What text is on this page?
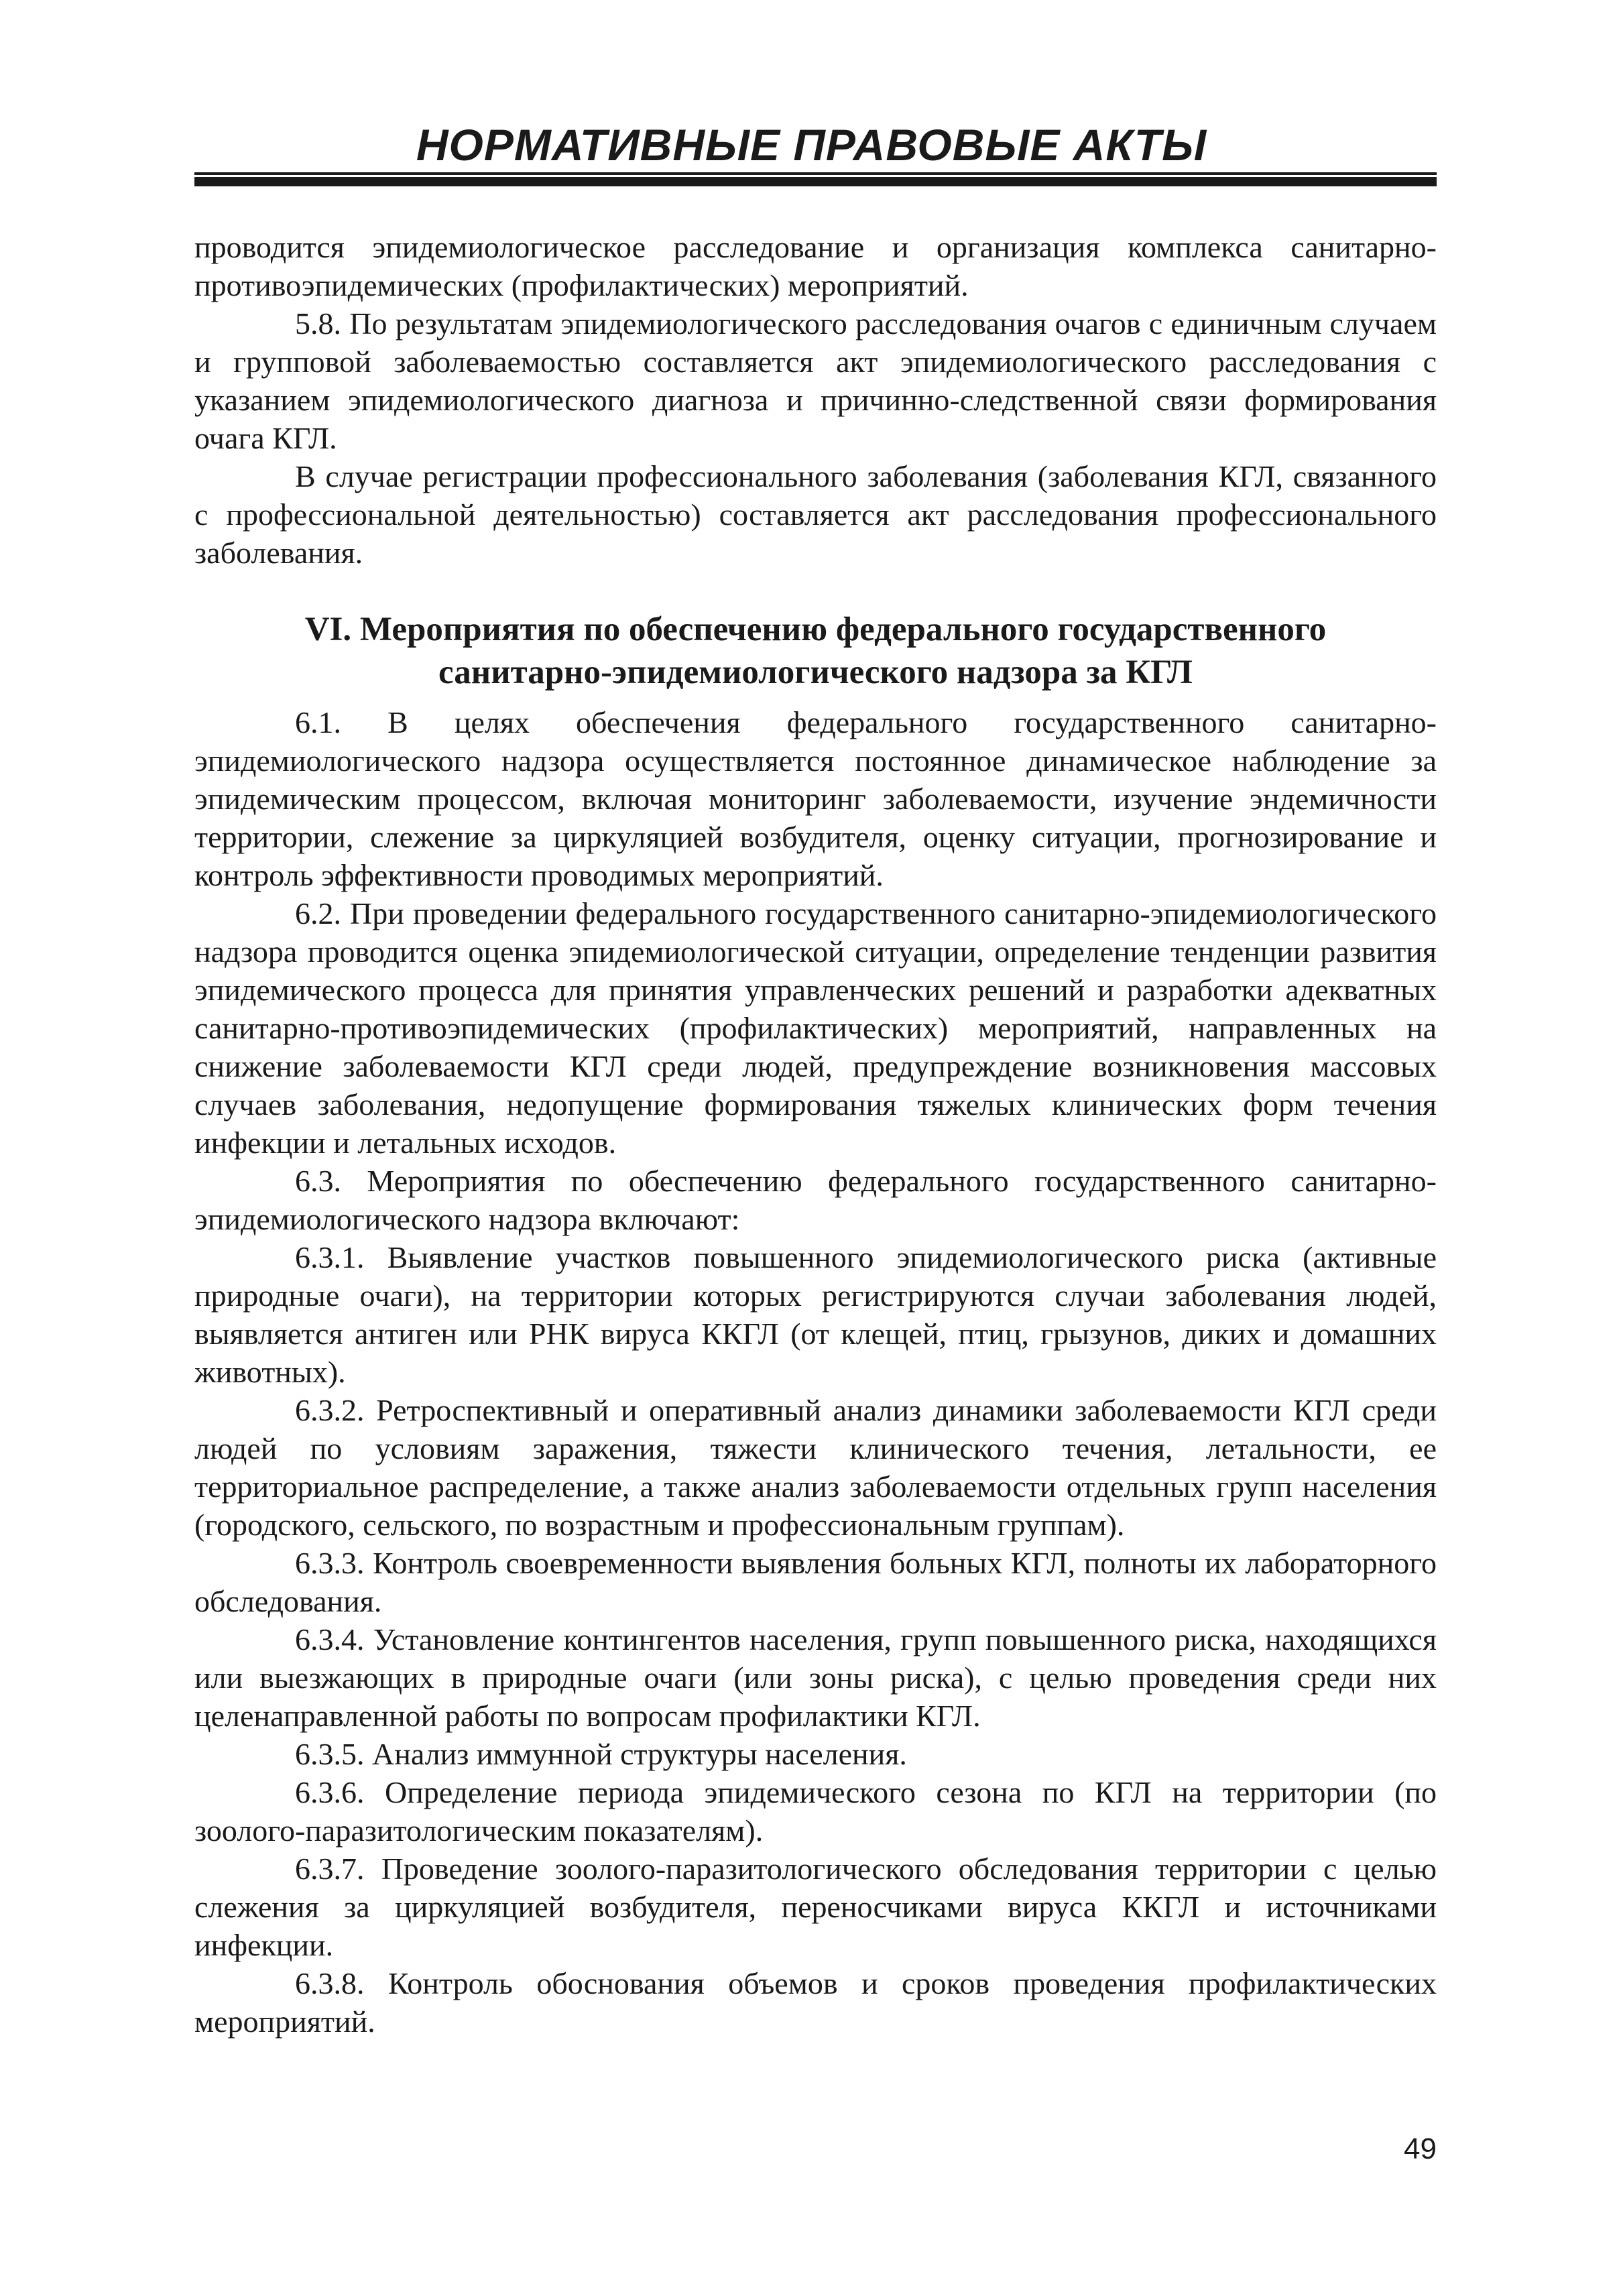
НОРМАТИВНЫЕ ПРАВОВЫЕ АКТЫ

проводится эпидемиологическое расследование и организация комплекса санитарно-противоэпидемических (профилактических) мероприятий.

5.8. По результатам эпидемиологического расследования очагов с единичным случаем и групповой заболеваемостью составляется акт эпидемиологического расследования с указанием эпидемиологического диагноза и причинно-следственной связи формирования очага КГЛ.

В случае регистрации профессионального заболевания (заболевания КГЛ, связанного с профессиональной деятельностью) составляется акт расследования профессионального заболевания.

VI. Мероприятия по обеспечению федерального государственного
санитарно-эпидемиологического надзора за КГЛ

6.1. В целях обеспечения федерального государственного санитарно-эпидемиологического надзора осуществляется постоянное динамическое наблюдение за эпидемическим процессом, включая мониторинг заболеваемости, изучение эндемичности территории, слежение за циркуляцией возбудителя, оценку ситуации, прогнозирование и контроль эффективности проводимых мероприятий.

6.2. При проведении федерального государственного санитарно-эпидемиологического надзора проводится оценка эпидемиологической ситуации, определение тенденции развития эпидемического процесса для принятия управленческих решений и разработки адекватных санитарно-противоэпидемических (профилактических) мероприятий, направленных на снижение заболеваемости КГЛ среди людей, предупреждение возникновения массовых случаев заболевания, недопущение формирования тяжелых клинических форм течения инфекции и летальных исходов.

6.3. Мероприятия по обеспечению федерального государственного санитарно-эпидемиологического надзора включают:

6.3.1. Выявление участков повышенного эпидемиологического риска (активные природные очаги), на территории которых регистрируются случаи заболевания людей, выявляется антиген или РНК вируса ККГЛ (от клещей, птиц, грызунов, диких и домашних животных).

6.3.2. Ретроспективный и оперативный анализ динамики заболеваемости КГЛ среди людей по условиям заражения, тяжести клинического течения, летальности, ее территориальное распределение, а также анализ заболеваемости отдельных групп населения (городского, сельского, по возрастным и профессиональным группам).

6.3.3. Контроль своевременности выявления больных КГЛ, полноты их лабораторного обследования.

6.3.4. Установление контингентов населения, групп повышенного риска, находящихся или выезжающих в природные очаги (или зоны риска), с целью проведения среди них целенаправленной работы по вопросам профилактики КГЛ.

6.3.5. Анализ иммунной структуры населения.

6.3.6. Определение периода эпидемического сезона по КГЛ на территории (по зоолого-паразитологическим показателям).

6.3.7. Проведение зоолого-паразитологического обследования территории с целью слежения за циркуляцией возбудителя, переносчиками вируса ККГЛ и источниками инфекции.

6.3.8. Контроль обоснования объемов и сроков проведения профилактических мероприятий.

49
